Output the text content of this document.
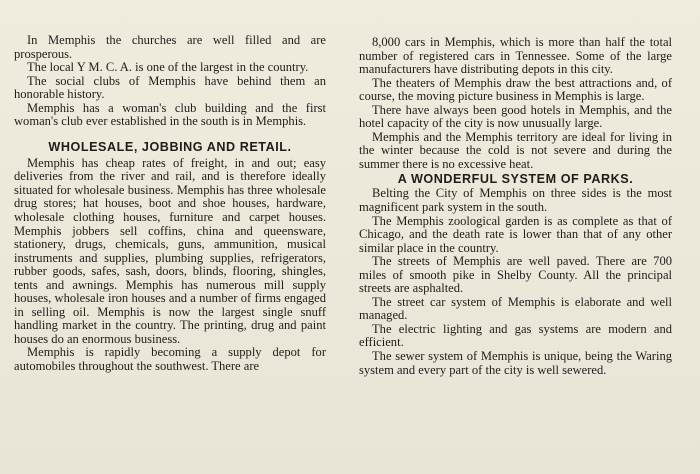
In Memphis the churches are well filled and are prosperous.

The local Y M. C. A. is one of the largest in the country.

The social clubs of Memphis have behind them an honorable history.

Memphis has a woman's club building and the first woman's club ever established in the south is in Memphis.

WHOLESALE, JOBBING AND RETAIL.

Memphis has cheap rates of freight, in and out; easy deliveries from the river and rail, and is therefore ideally situated for wholesale business. Memphis has three wholesale drug stores; hat houses, boot and shoe houses, hardware, wholesale clothing houses, furniture and carpet houses. Memphis jobbers sell coffins, china and queensware, stationery, drugs, chemicals, guns, ammunition, musical instruments and supplies, plumbing supplies, refrigerators, rubber goods, safes, sash, doors, blinds, flooring, shingles, tents and awnings. Memphis has numerous mill supply houses, wholesale iron houses and a number of firms engaged in selling oil. Memphis is now the largest single snuff handling market in the country. The printing, drug and paint houses do an enormous business.

Memphis is rapidly becoming a supply depot for automobiles throughout the southwest. There are

8,000 cars in Memphis, which is more than half the total number of registered cars in Tennessee. Some of the large manufacturers have distributing depots in this city.

The theaters of Memphis draw the best attractions and, of course, the moving picture business in Memphis is large.

There have always been good hotels in Memphis, and the hotel capacity of the city is now unusually large.

Memphis and the Memphis territory are ideal for living in the winter because the cold is not severe and during the summer there is no excessive heat.

A WONDERFUL SYSTEM OF PARKS.

Belting the City of Memphis on three sides is the most magnificent park system in the south.

The Memphis zoological garden is as complete as that of Chicago, and the death rate is lower than that of any other similar place in the country.

The streets of Memphis are well paved. There are 700 miles of smooth pike in Shelby County. All the principal streets are asphalted.

The street car system of Memphis is elaborate and well managed.

The electric lighting and gas systems are modern and efficient.

The sewer system of Memphis is unique, being the Waring system and every part of the city is well sewered.
